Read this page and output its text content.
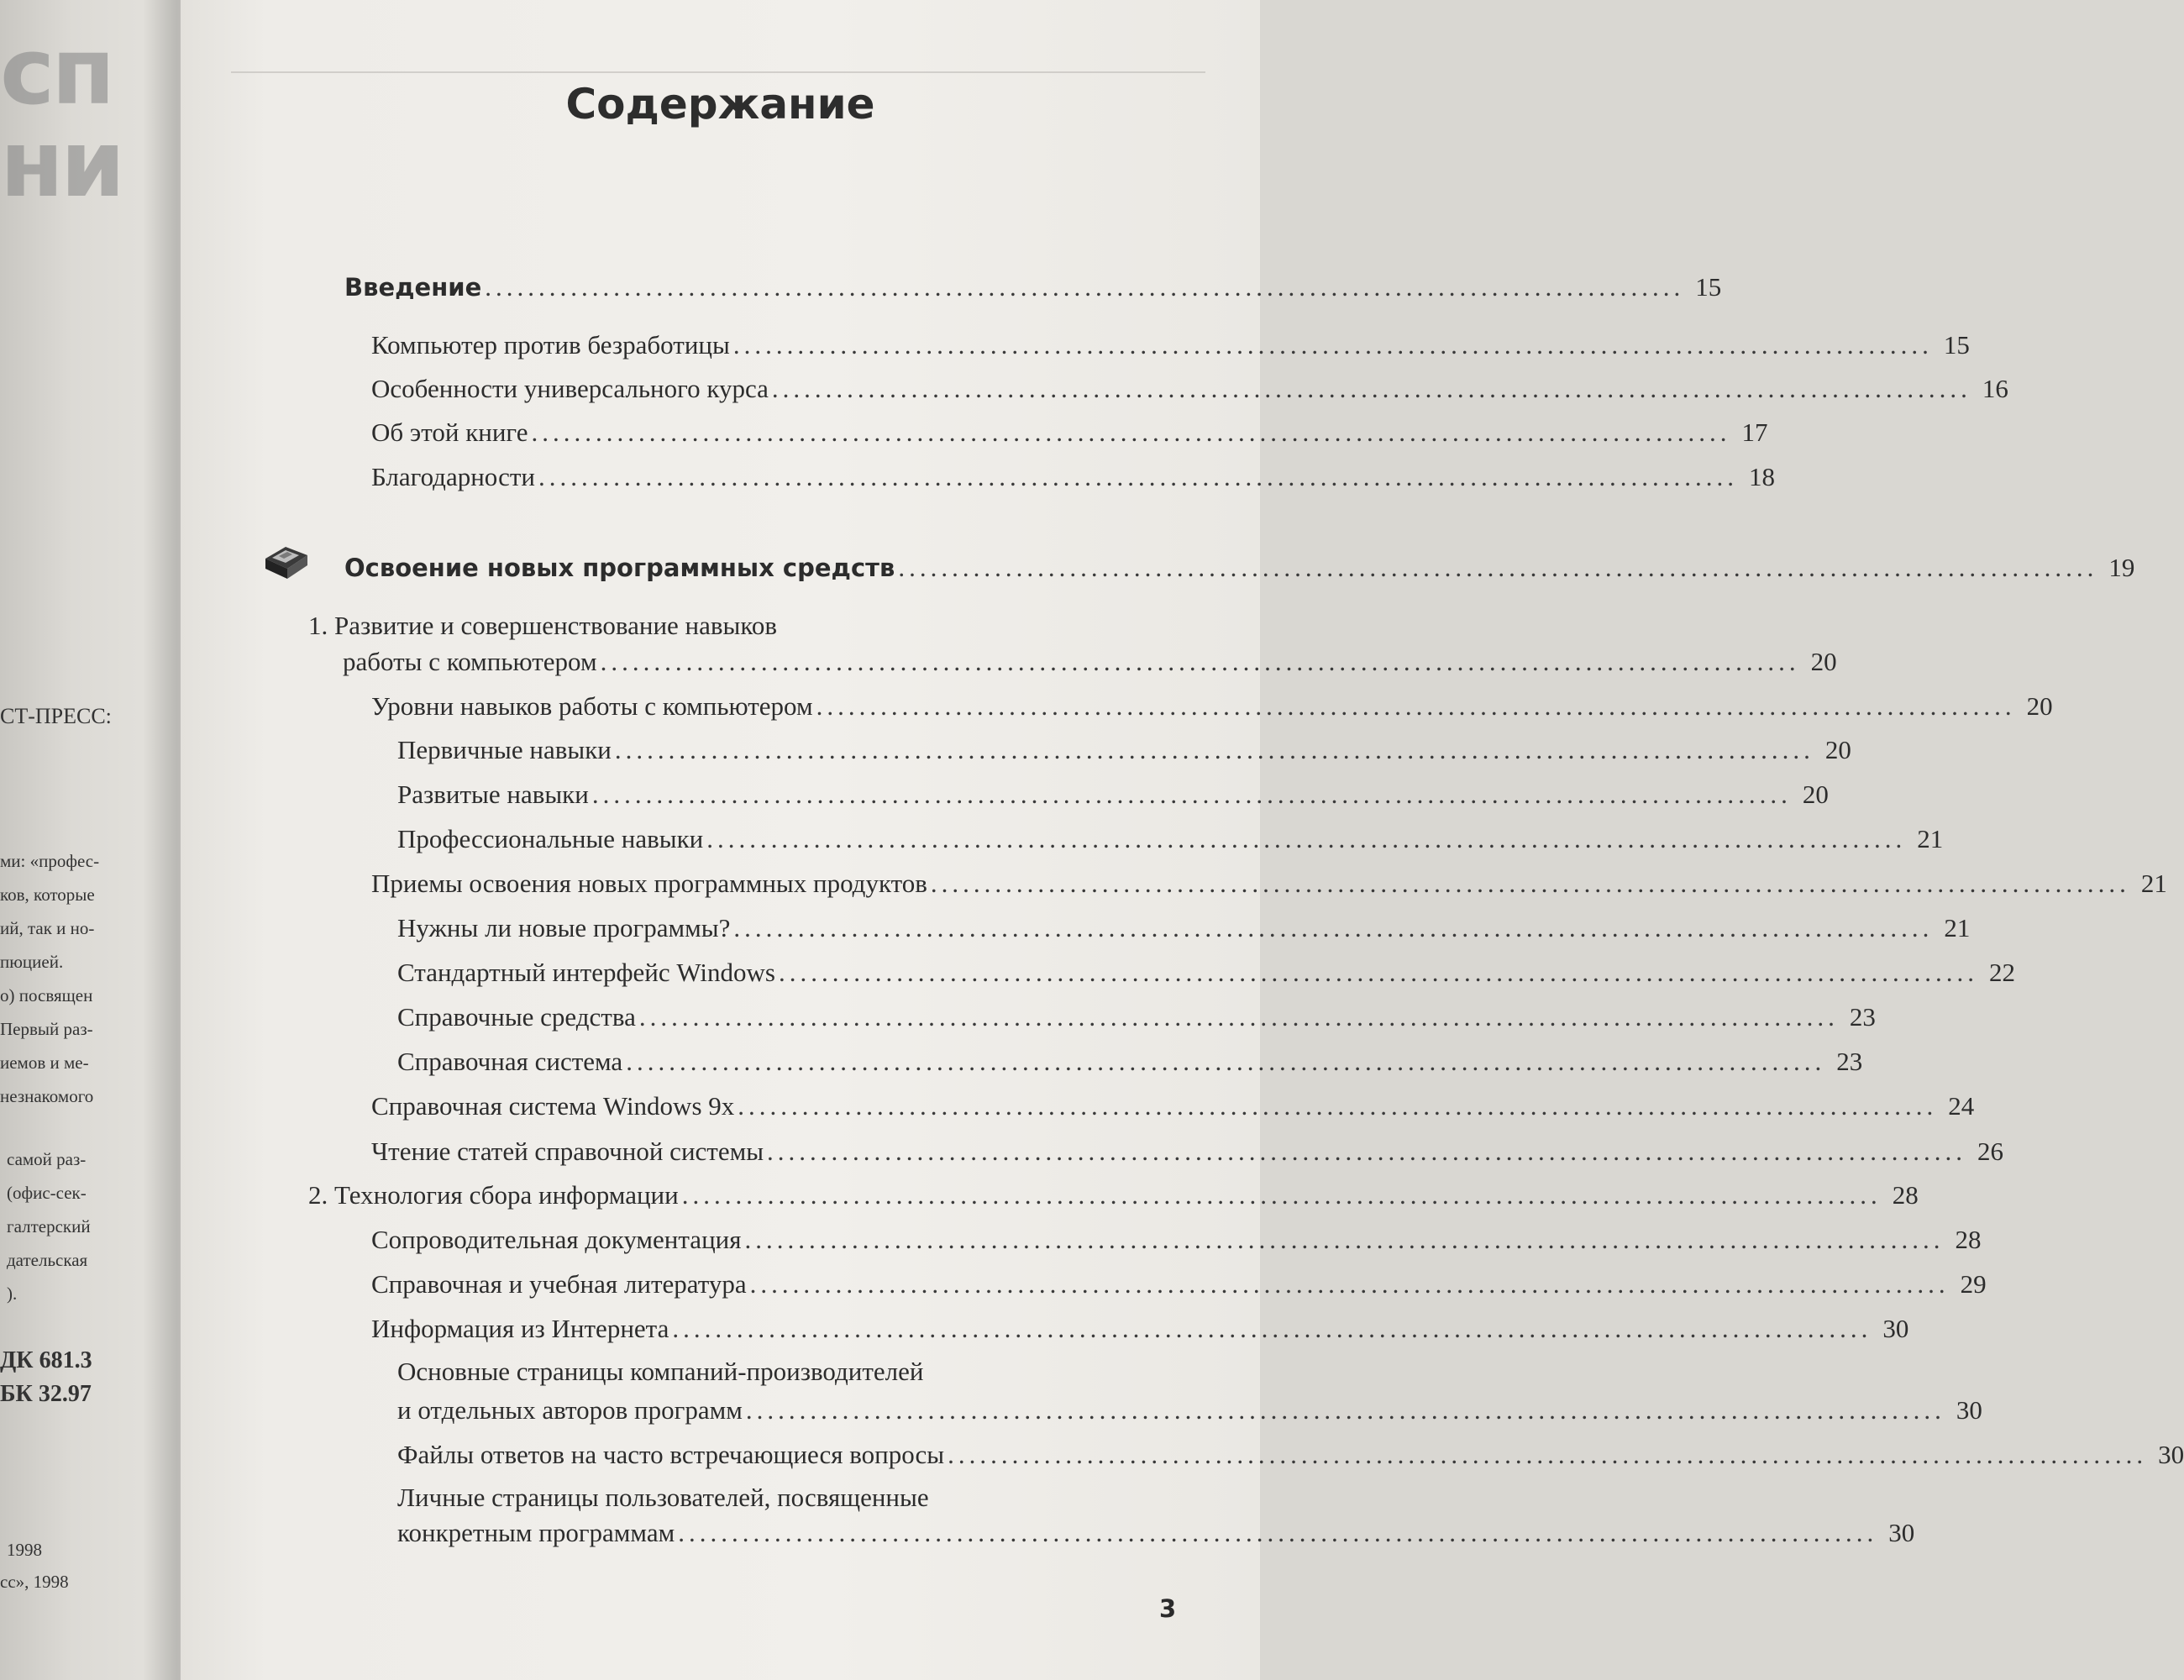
сп
ни
СТ-ПРЕСС:
ми: «профес-
ков, которые
ий, так и но-
пюцией.
о) посвящен
Первый раз-
иемов и ме-
незнакомого
самой раз-
(офис-сек-
галтерский
дательская
).
ДК 681.3
БК 32.97
1998
сс», 1998
Содержание
Введение ................................................................................................................ 15
Компьютер против безработицы ................................................................................................................ 15
Особенности универсального курса ................................................................................................................ 16
Об этой книге ................................................................................................................ 17
Благодарности ................................................................................................................ 18
Освоение новых программных средств ................................................................................................................ 19
1. Развитие и совершенствование навыков
работы с компьютером ................................................................................................................ 20
Уровни навыков работы с компьютером ................................................................................................................ 20
Первичные навыки ................................................................................................................ 20
Развитые навыки ................................................................................................................ 20
Профессиональные навыки ................................................................................................................ 21
Приемы освоения новых программных продуктов ................................................................................................................ 21
Нужны ли новые программы? ................................................................................................................ 21
Стандартный интерфейс Windows ................................................................................................................ 22
Справочные средства ................................................................................................................ 23
Справочная система ................................................................................................................ 23
Справочная система Windows 9x ................................................................................................................ 24
Чтение статей справочной системы ................................................................................................................ 26
2. Технология сбора информации ................................................................................................................ 28
Сопроводительная документация ................................................................................................................ 28
Справочная и учебная литература ................................................................................................................ 29
Информация из Интернета ................................................................................................................ 30
Основные страницы компаний-производителей
и отдельных авторов программ ................................................................................................................ 30
Файлы ответов на часто встречающиеся вопросы ................................................................................................................ 30
Личные страницы пользователей, посвященные
конкретным программам ................................................................................................................ 30
3
